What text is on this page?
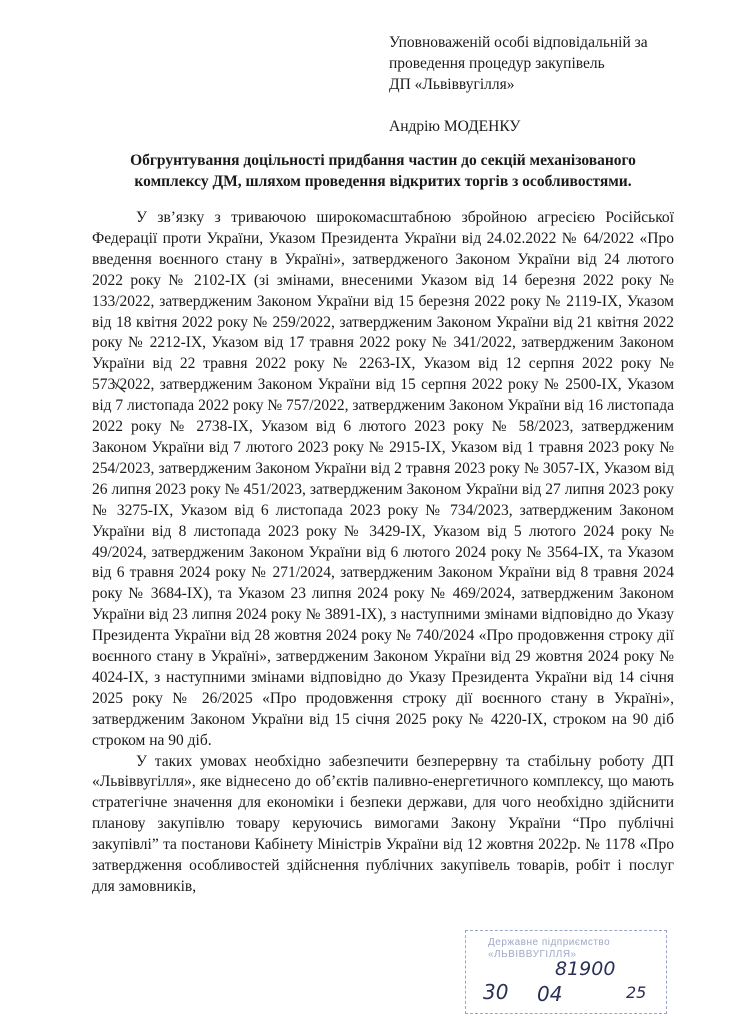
Уповноваженій особі відповідальній за
проведення процедур закупівель
ДП «Львіввугілля»
Андрію МОДЕНКУ
Обгрунтування доцільності придбання частин до секцій механізованого комплексу ДМ, шляхом проведення відкритих торгів з особливостями.

У зв’язку з триваючою широкомасштабною збройною агресією Російської Федерації проти України, Указом Президента України від 24.02.2022 № 64/2022 «Про введення воєнного стану в Україні», затвердженого Законом України від 24 лютого 2022 року № 2102-IX (зі змінами, внесеними Указом від 14 березня 2022 року № 133/2022, затвердженим Законом України від 15 березня 2022 року № 2119-IX, Указом від 18 квітня 2022 року № 259/2022, затвердженим Законом України від 21 квітня 2022 року № 2212-IX, Указом від 17 травня 2022 року № 341/2022, затвердженим Законом України від 22 травня 2022 року № 2263-IX, Указом від 12 серпня 2022 року № 573/2022, затвердженим Законом України від 15 серпня 2022 року № 2500-IX, Указом від 7 листопада 2022 року № 757/2022, затвердженим Законом України від 16 листопада 2022 року № 2738-IX, Указом від 6 лютого 2023 року № 58/2023, затвердженим Законом України від 7 лютого 2023 року № 2915-IX, Указом від 1 травня 2023 року № 254/2023, затвердженим Законом України від 2 травня 2023 року № 3057-IX, Указом від 26 липня 2023 року № 451/2023, затвердженим Законом України від 27 липня 2023 року № 3275-IX, Указом від 6 листопада 2023 року № 734/2023, затвердженим Законом України від 8 листопада 2023 року № 3429-IX, Указом від 5 лютого 2024 року № 49/2024, затвердженим Законом України від 6 лютого 2024 року № 3564-IX, та Указом від 6 травня 2024 року № 271/2024, затвердженим Законом України від 8 травня 2024 року № 3684-IX), та Указом 23 липня 2024 року № 469/2024, затвердженим Законом України від 23 липня 2024 року № 3891-IX), з наступними змінами відповідно до Указу Президента України від 28 жовтня 2024 року № 740/2024 «Про продовження строку дії воєнного стану в Україні», затвердженим Законом України від 29 жовтня 2024 року № 4024-IX, з наступними змінами відповідно до Указу Президента України від 14 січня 2025 року № 26/2025 «Про продовження строку дії воєнного стану в Україні», затвердженим Законом України від 15 січня 2025 року № 4220-IX, строком на 90 діб строком на 90 діб.

У таких умовах необхідно забезпечити безперервну та стабільну роботу ДП «Львіввугілля», яке віднесено до об’єктів паливно-енергетичного комплексу, що мають стратегічне значення для економіки і безпеки держави, для чого необхідно здійснити планову закупівлю товару керуючись вимогами Закону України “Про публічні закупівлі” та постанови Кабінету Міністрів України від 12 жовтня 2022р. № 1178 «Про затвердження особливостей здійснення публічних закупівель товарів, робіт і послуг для замовників,

Державне підприємство
«ЛЬВІВВУГІЛЛЯ»
81900
30 04	25
